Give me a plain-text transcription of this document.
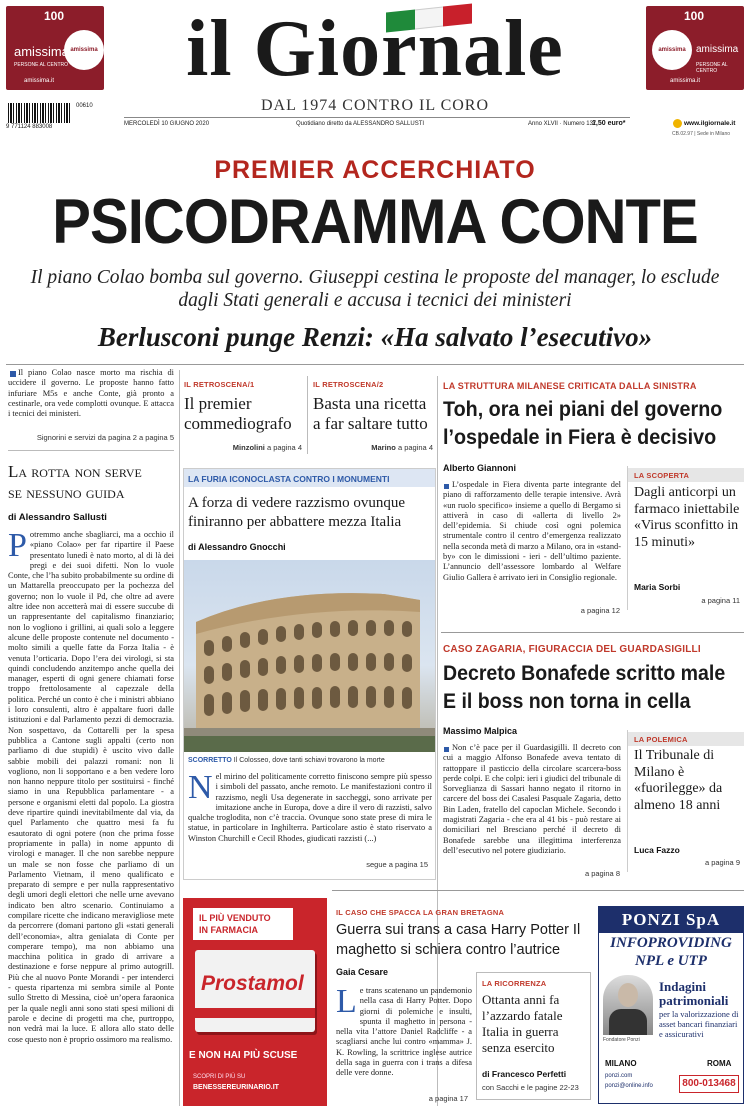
100
amissima
amissima
PERSONE AL CENTRO
amissima.it
100
amissima amissima
PERSONE AL CENTRO
amissima.it
il Giornale
DAL 1974 CONTRO IL CORO
00610
9 771124 883008	MERCOLEDÌ 10 GIUGNO 2020	Quotidiano diretto da ALESSANDRO SALLUSTI	Anno XLVII · Numero 137
1,50 euro*	www.ilgiornale.it
CB.02.97 | Sede in Milano
PREMIER ACCERCHIATO
PSICODRAMMA CONTE
Il piano Colao bomba sul governo. Giuseppi cestina le proposte del manager, lo esclude dagli Stati generali e accusa i tecnici dei ministeri
Berlusconi punge Renzi: «Ha salvato l’esecutivo»
Il piano Colao nasce morto ma rischia di uccidere il governo. Le proposte hanno fatto infuriare M5s e anche Conte, già pronto a cestinarle, ora vede complotti ovunque. E attacca i tecnici dei ministeri.
Signorini e servizi da pagina 2 a pagina 5
La rotta non serve
se nessuno guida
di Alessandro Sallusti
Potremmo anche sbagliarci, ma a occhio il «piano Colao» per far ripartire il Paese presentato lunedì è nato morto, al di là dei pregi e dei suoi difetti. Non lo vuole Conte, che l’ha subito probabilmente su ordine di un Mattarella preoccupato per la pochezza del governo; non lo vuole il Pd, che oltre ad avere altre idee non accetterà mai di essere succube di un rappresentante del capitalismo finanziario; non lo vogliono i grillini, ai quali solo a leggere alcune delle proposte contenute nel documento - molto simili a quelle fatte da Forza Italia - è venuta l’orticaria. Dopo l’era dei virologi, si sta quindi concludendo anzitempo anche quella dei manager, esperti di ogni genere chiamati forse troppo frettolosamente al capezzale della politica. Perché un conto è che i ministri abbiano i loro consulenti, altro è appaltare fuori dalle istituzioni e dal Parlamento pezzi di democrazia. Non sospettavo, da Cottarelli per la spesa pubblica a Cantone sugli appalti (certo non parliamo di due stupidi) è uscito vivo dalle sabbie mobili dei palazzi romani: non li vogliono, non li sopportano e a ben vedere loro non hanno neppure titolo per sostituirsi - finché siamo in una Repubblica parlamentare - a persone e organismi eletti dal popolo. La giostra deve ripartire quindi inevitabilmente dal via, da quel Parlamento che quattro mesi fa fu esautorato di ogni potere (non che prima fosse propriamente in palla) in nome appunto di virologi e manager. Il che non sarebbe neppure un male se non fosse che parliamo di un Parlamento Vietnam, il meno qualificato e preparato di sempre e per nulla rappresentativo degli umori degli elettori che nelle urne avevano indicato ben altro scenario. Continuiamo a compilare ricette che indicano meravigliose mete da percorrere (domani partono gli «stati generali dell’economia», altra genialata di Conte per comperare tempo), ma non abbiamo una macchina politica in grado di arrivare a destinazione e forse neppure al primo autogrill. Più che al nuovo Ponte Morandi - per intenderci - questa ripartenza mi sembra simile al Ponte sullo Stretto di Messina, cioè un’opera faraonica per la quale negli anni sono stati spesi milioni di parole e decine di progetti ma che, purtroppo, non vedrà mai la luce. E allora allo stato delle cose questo non è proprio ossimoro ma realismo.
IL RETROSCENA/1
Il premier commediografo
Minzolini a pagina 4
IL RETROSCENA/2
Basta una ricetta a far saltare tutto
Marino a pagina 4
LA FURIA ICONOCLASTA CONTRO I MONUMENTI
A forza di vedere razzismo ovunque finiranno per abbattere mezza Italia
di Alessandro Gnocchi
SCORRETTO Il Colosseo, dove tanti schiavi trovarono la morte
Nel mirino del politicamente corretto finiscono sempre più spesso i simboli del passato, anche remoto. Le manifestazioni contro il razzismo, negli Usa degenerate in saccheggi, sono arrivate per imitazione anche in Europa, dove a dire il vero di razzisti, salvo qualche troglodita, non c’è traccia. Ovunque sono state prese di mira le statue, in particolare in Inghilterra. Particolare astio è stato riservato a Winston Churchill e Cecil Rhodes, giudicati razzisti (...)
segue a pagina 15
IL PIÙ VENDUTO
IN FARMACIA
Prostamol
E NON HAI PIÙ SCUSE
SCOPRI DI PIÙ SU
BENESSEREURINARIO.IT
LA STRUTTURA MILANESE CRITICATA DALLA SINISTRA
Toh, ora nei piani del governo l’ospedale in Fiera è decisivo
Alberto Giannoni
L’ospedale in Fiera diventa parte integrante del piano di rafforzamento delle terapie intensive. Avrà «un ruolo specifico» insieme a quello di Bergamo si attiverà in caso di «allerta di livello 2» dell’epidemia. Si chiude così ogni polemica strumentale contro il centro d’emergenza realizzato nella seconda metà di marzo a Milano, ora in «stand-by» con le dimissioni - ieri - dell’ultimo paziente. L’annuncio dell’assessore lombardo al Welfare Giulio Gallera è arrivato ieri in Consiglio regionale.
a pagina 12
LA SCOPERTA
Dagli anticorpi un farmaco iniettabile «Virus sconfitto in 15 minuti»
Maria Sorbi
a pagina 11
CASO ZAGARIA, FIGURACCIA DEL GUARDASIGILLI
Decreto Bonafede scritto male E il boss non torna in cella
Massimo Malpica
Non c’è pace per il Guardasigilli. Il decreto con cui a maggio Alfonso Bonafede aveva tentato di rattoppare il pasticcio della circolare scarcera-boss perde colpi. E che colpi: ieri i giudici del tribunale di Sorveglianza di Sassari hanno negato il ritorno in carcere del boss dei Casalesi Pasquale Zagaria, detto Bin Laden, fratello del capoclan Michele. Secondo i magistrati Zagaria - che era al 41 bis - può restare ai domiciliari nel Bresciano perché il decreto di Bonafede sarebbe una illegittima interferenza dell’esecutivo nel potere giudiziario.
a pagina 8
LA POLEMICA
Il Tribunale di Milano è «fuorilegge» da almeno 18 anni
Luca Fazzo
a pagina 9
IL CASO CHE SPACCA LA GRAN BRETAGNA
Guerra sui trans a casa Harry Potter Il maghetto si schiera contro l’autrice
Gaia Cesare
Le trans scatenano un pandemonio nella casa di Harry Potter. Dopo giorni di polemiche e insulti, spunta il maghetto in persona - nella vita l’attore Daniel Radcliffe - a scagliarsi anche lui contro «mamma» J. K. Rowling, la scrittrice inglese autrice della saga in guerra con i trans a difesa delle vere donne.
a pagina 17
LA RICORRENZA
Ottanta anni fa l’azzardo fatale Italia in guerra senza esercito
di Francesco Perfetti
con Sacchi e le pagine 22-23
PONZI SpA
INFOPROVIDING
NPL e UTP
Fondatore Ponzi
Indagini
patrimoniali
per la valorizzazione di asset bancari finanziari e assicurativi
MILANO	ROMA
ponzi.com
ponzi@online.info	800-013468
